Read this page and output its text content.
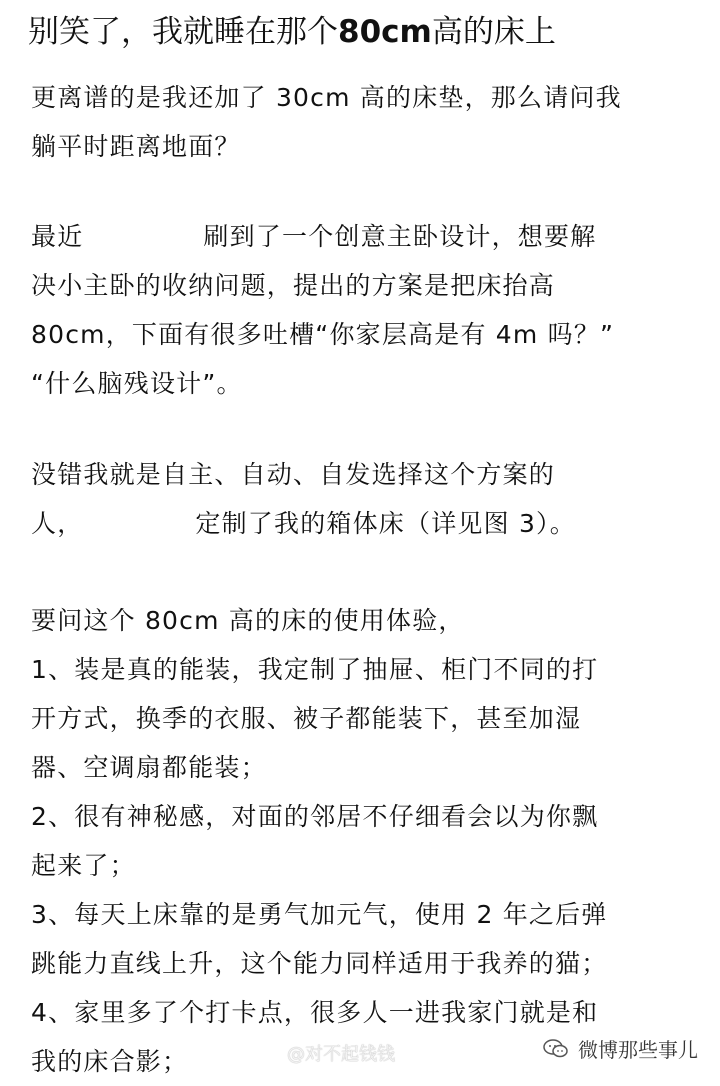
别笑了，我就睡在那个80cm高的床上
更离谱的是我还加了 30cm 高的床垫，那么请问我
躺平时距离地面？
最近	刷到了一个创意主卧设计，想要解
决小主卧的收纳问题，提出的方案是把床抬高
80cm，下面有很多吐槽“你家层高是有 4m 吗？”
“什么脑残设计”。
没错我就是自主、自动、自发选择这个方案的
人，	定制了我的箱体床（详见图 3）。
要问这个 80cm 高的床的使用体验，
1、装是真的能装，我定制了抽屉、柜门不同的打
开方式，换季的衣服、被子都能装下，甚至加湿
器、空调扇都能装；
2、很有神秘感，对面的邻居不仔细看会以为你飘
起来了；
3、每天上床靠的是勇气加元气，使用 2 年之后弹
跳能力直线上升，这个能力同样适用于我养的猫；
4、家里多了个打卡点，很多人一进我家门就是和
我的床合影；	@对不起钱钱	微博那些事儿
